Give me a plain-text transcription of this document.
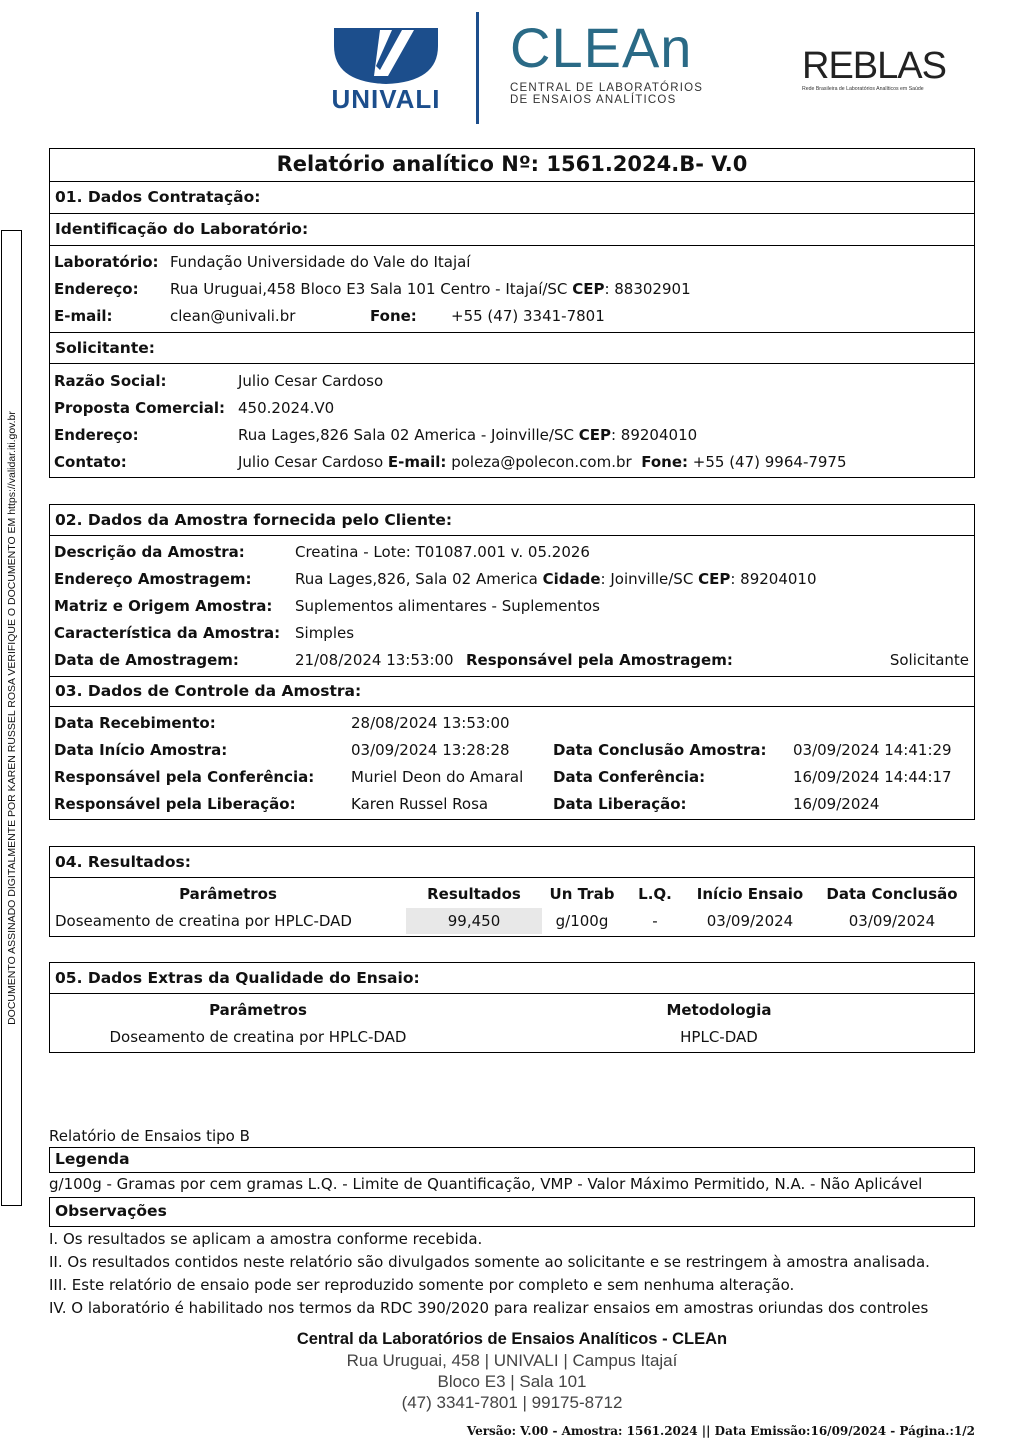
DOCUMENTO ASSINADO DIGITALMENTE POR KAREN RUSSEL ROSA VERIFIQUE O DOCUMENTO EM https://validar.iti.gov.br
UNIVALI
CLEAn
CENTRAL DE LABORATÓRIOS
DE ENSAIOS ANALÍTICOS
REBLAS
Rede Brasileira de Laboratórios Analíticos em Saúde
Relatório analítico Nº: 1561.2024.B- V.0
01. Dados Contratação:
Identificação do Laboratório:
Laboratório: Fundação Universidade do Vale do Itajaí
Endereço: Rua Uruguai,458 Bloco E3 Sala 101 Centro - Itajaí/SC CEP: 88302901
E-mail:	clean@univali.br	Fone: +55 (47) 3341-7801
Solicitante:
Razão Social:	Julio Cesar Cardoso
Proposta Comercial: 450.2024.V0
Endereço:	Rua Lages,826 Sala 02 America - Joinville/SC CEP: 89204010
Contato:	Julio Cesar Cardoso E-mail: poleza@polecon.com.br Fone: +55 (47) 9964-7975
02. Dados da Amostra fornecida pelo Cliente:
Descrição da Amostra:	Creatina - Lote: T01087.001 v. 05.2026
Endereço Amostragem:	Rua Lages,826, Sala 02 America Cidade: Joinville/SC CEP: 89204010
Matriz e Origem Amostra: Suplementos alimentares - Suplementos
Característica da Amostra: Simples
Data de Amostragem:	21/08/2024 13:53:00 Responsável pela Amostragem:	Solicitante
03. Dados de Controle da Amostra:
Data Recebimento:	28/08/2024 13:53:00
Data Início Amostra:	03/09/2024 13:28:28	Data Conclusão Amostra: 03/09/2024 14:41:29
Responsável pela Conferência: Muriel Deon do Amaral Data Conferência:	16/09/2024 14:44:17
Responsável pela Liberação:	Karen Russel Rosa	Data Liberação:	16/09/2024
04. Resultados:
Parâmetros	Resultados	Un Trab	L.Q.	Início Ensaio	Data Conclusão
Doseamento de creatina por HPLC-DAD	99,450	g/100g	-	03/09/2024	03/09/2024
05. Dados Extras da Qualidade do Ensaio:
Parâmetros	Metodologia
Doseamento de creatina por HPLC-DAD	HPLC-DAD
Relatório de Ensaios tipo B
Legenda
g/100g - Gramas por cem gramas L.Q. - Limite de Quantificação, VMP - Valor Máximo Permitido, N.A. - Não Aplicável
Observações
I. Os resultados se aplicam a amostra conforme recebida.
II. Os resultados contidos neste relatório são divulgados somente ao solicitante e se restringem à amostra analisada.
III. Este relatório de ensaio pode ser reproduzido somente por completo e sem nenhuma alteração.
IV. O laboratório é habilitado nos termos da RDC 390/2020 para realizar ensaios em amostras oriundas dos controles
Central da Laboratórios de Ensaios Analíticos - CLEAn
Rua Uruguai, 458 | UNIVALI | Campus Itajaí
Bloco E3 | Sala 101
(47) 3341-7801 | 99175-8712
Versão: V.00 - Amostra: 1561.2024 || Data Emissão:16/09/2024 - Página.:1/2
